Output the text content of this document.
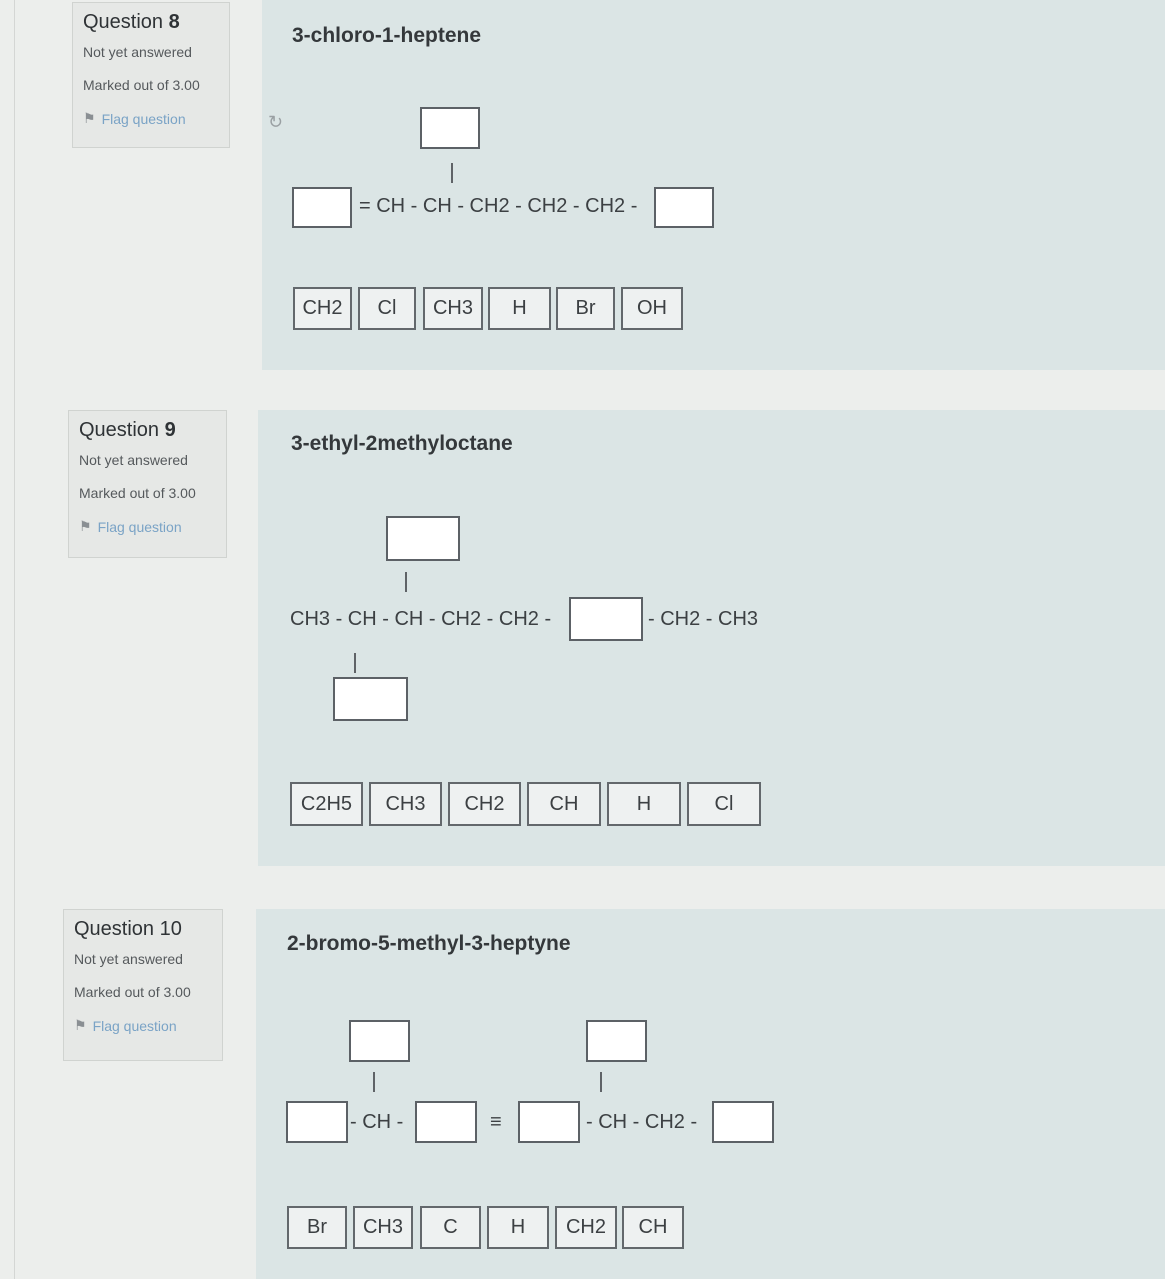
Question 8
Not yet answered
Marked out of 3.00
⚑ Flag question
3-chloro-1-heptene
↻
= CH - CH - CH2 - CH2 - CH2 -
CH2	Cl	CH3	H	Br	OH
Question 9
Not yet answered
Marked out of 3.00
⚑ Flag question
3-ethyl-2methyloctane
CH3 - CH - CH - CH2 - CH2 -	- CH2 - CH3
C2H5	CH3	CH2	CH	H	Cl
Question 10
Not yet answered
Marked out of 3.00
⚑ Flag question
2-bromo-5-methyl-3-heptyne
- CH -	≡	- CH - CH2 -
Br	CH3	C	H	CH2	CH
